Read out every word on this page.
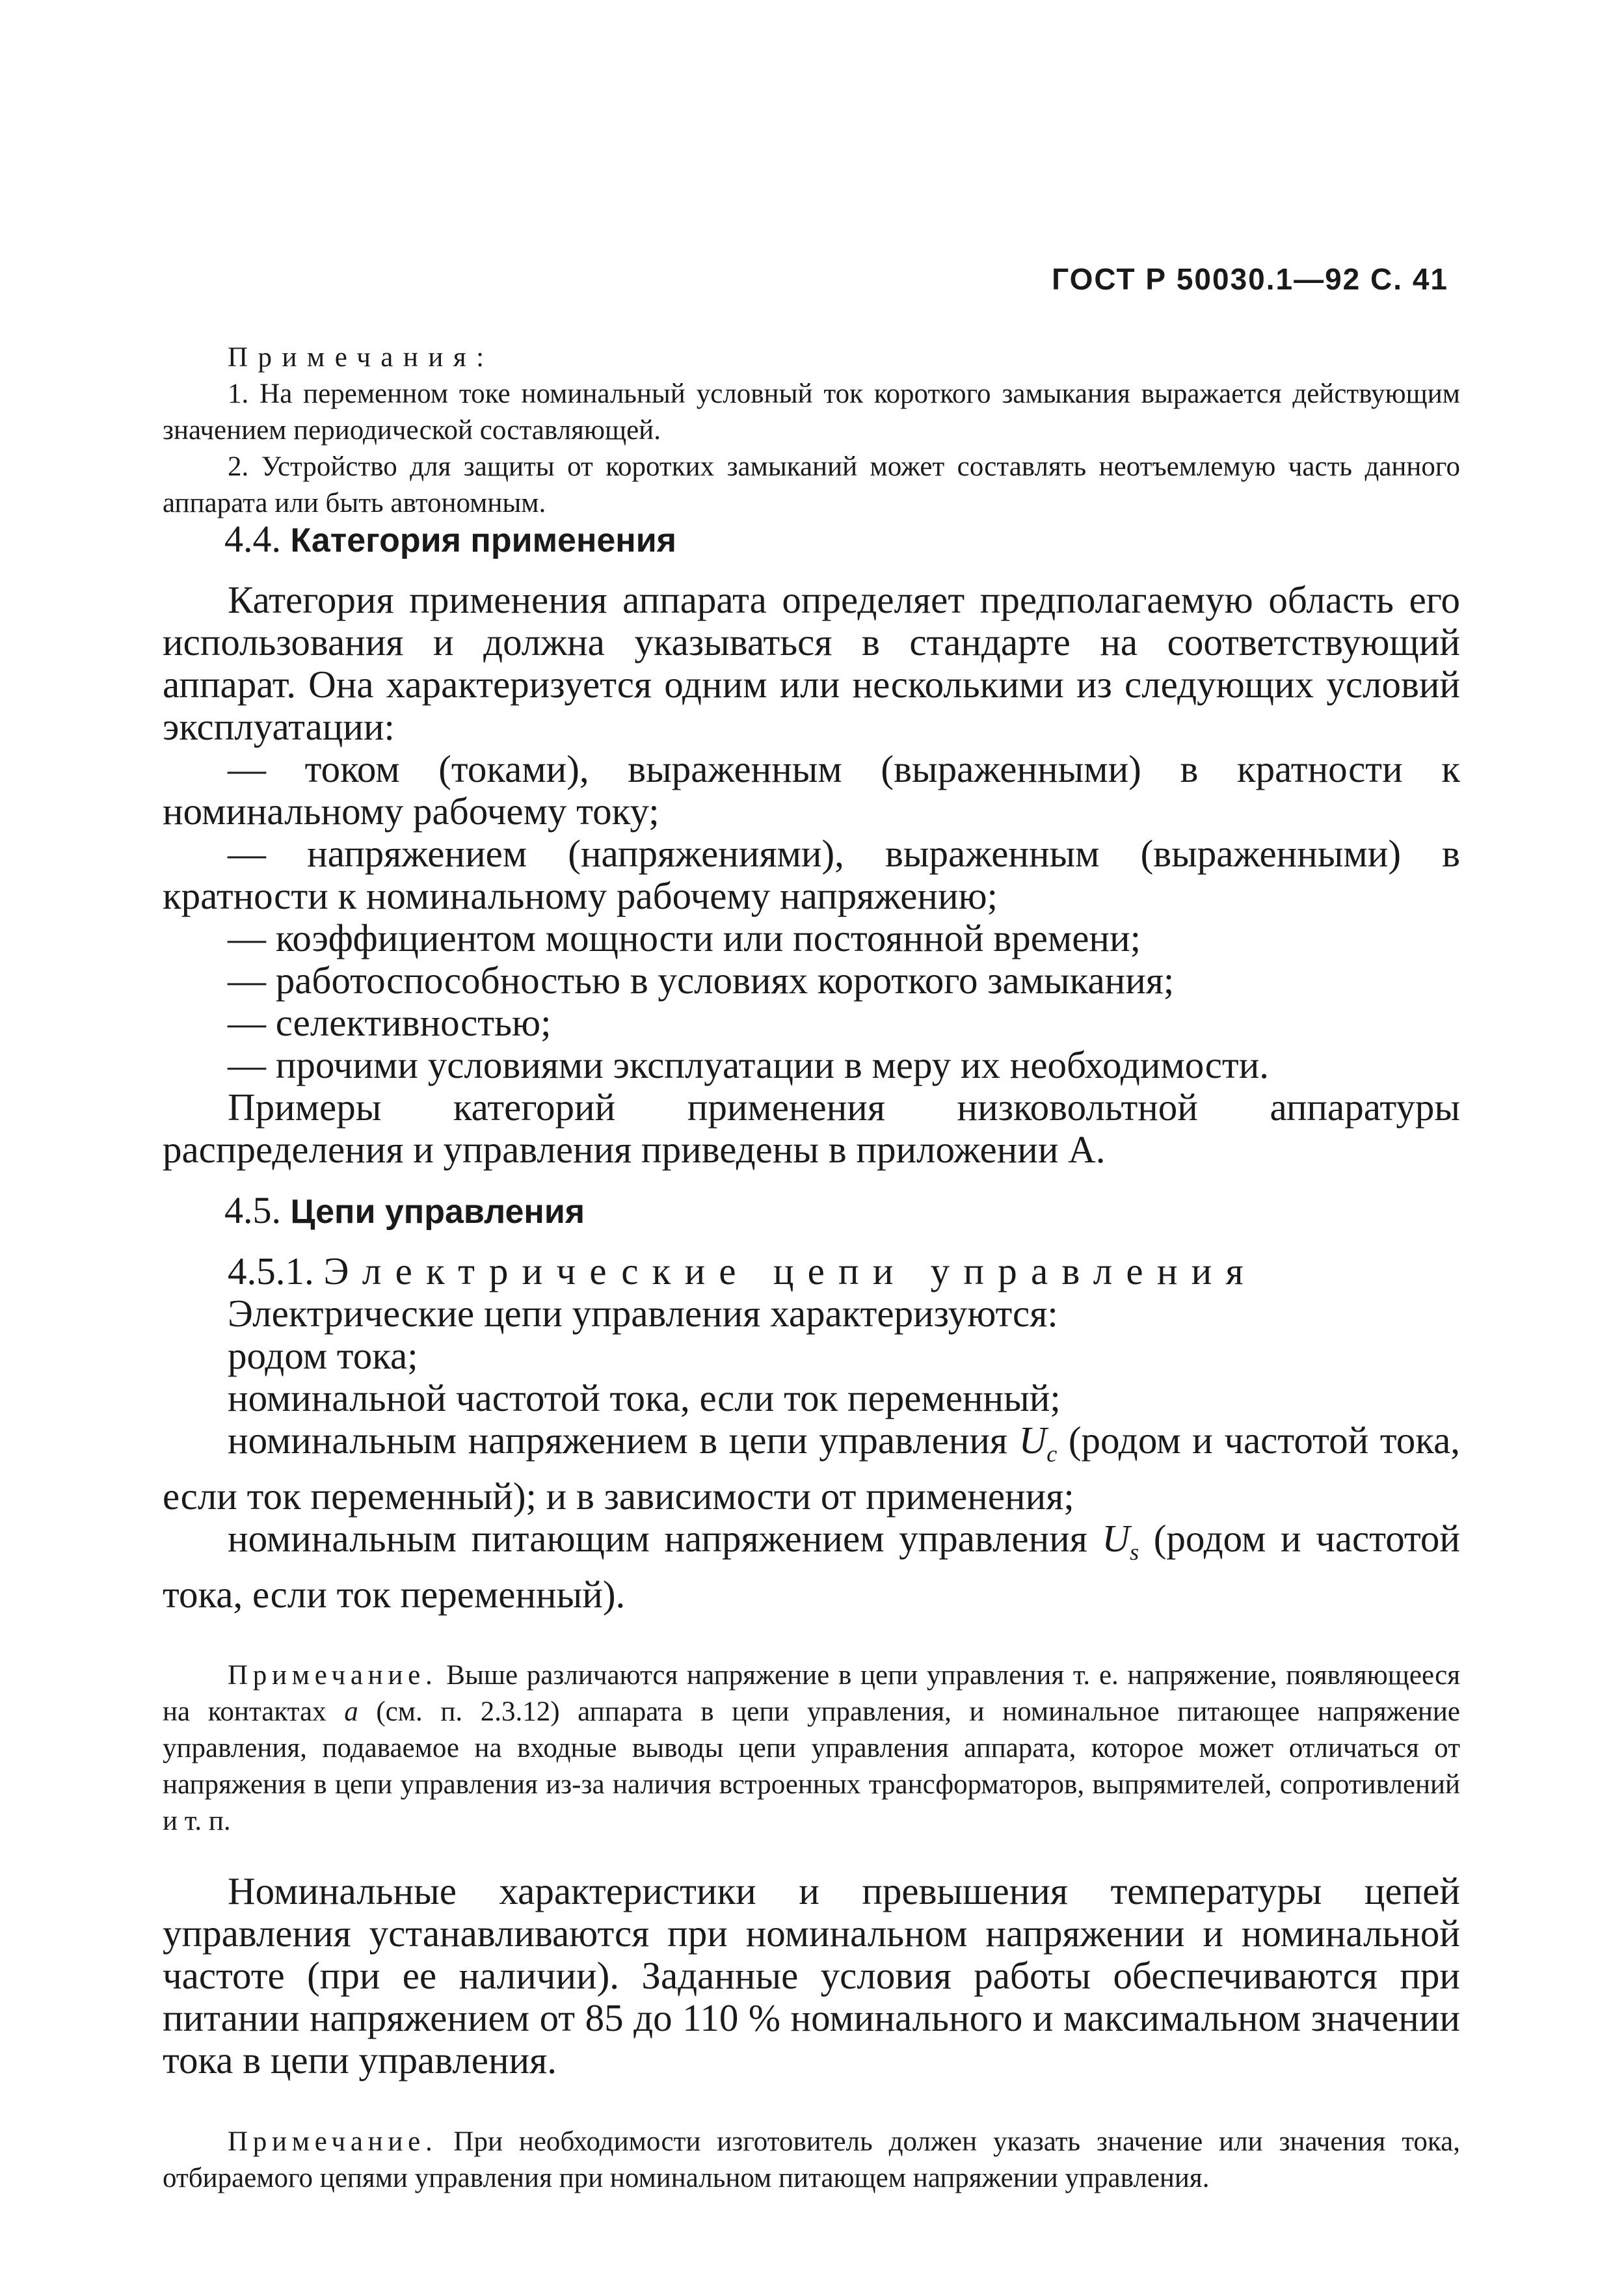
ГОСТ Р 50030.1—92 С. 41

Примечания:

1. На переменном токе номинальный условный ток короткого замыкания выражается действующим значением периодической составляющей.

2. Устройство для защиты от коротких замыканий может составлять неотъемлемую часть данного аппарата или быть автономным.

4.4. Категория применения

Категория применения аппарата определяет предполагаемую область его использования и должна указываться в стандарте на соответствующий аппарат. Она характеризуется одним или несколькими из следующих условий эксплуатации:

— током (токами), выраженным (выраженными) в кратности к номинальному рабочему току;

— напряжением (напряжениями), выраженным (выраженными) в кратности к номинальному рабочему напряжению;

— коэффициентом мощности или постоянной времени;

— работоспособностью в условиях короткого замыкания;

— селективностью;

— прочими условиями эксплуатации в меру их необходимости.

Примеры категорий применения низковольтной аппаратуры распределения и управления приведены в приложении А.

4.5. Цепи управления

4.5.1. Электрические цепи управления

Электрические цепи управления характеризуются:

родом тока;

номинальной частотой тока, если ток переменный;

номинальным напряжением в цепи управления $U_c$ (родом и частотой тока, если ток переменный); и в зависимости от применения;

номинальным питающим напряжением управления $U_s$ (родом и частотой тока, если ток переменный).

Примечание. Выше различаются напряжение в цепи управления т. е. напряжение, появляющееся на контактах а (см. п. 2.3.12) аппарата в цепи управления, и номинальное питающее напряжение управления, подаваемое на входные выводы цепи управления аппарата, которое может отличаться от напряжения в цепи управления из-за наличия встроенных трансформаторов, выпрямителей, сопротивлений и т. п.

Номинальные характеристики и превышения температуры цепей управления устанавливаются при номинальном напряжении и номинальной частоте (при ее наличии). Заданные условия работы обеспечиваются при питании напряжением от 85 до 110 % номинального и максимальном значении тока в цепи управления.

Примечание. При необходимости изготовитель должен указать значение или значения тока, отбираемого цепями управления при номинальном питающем напряжении управления.
